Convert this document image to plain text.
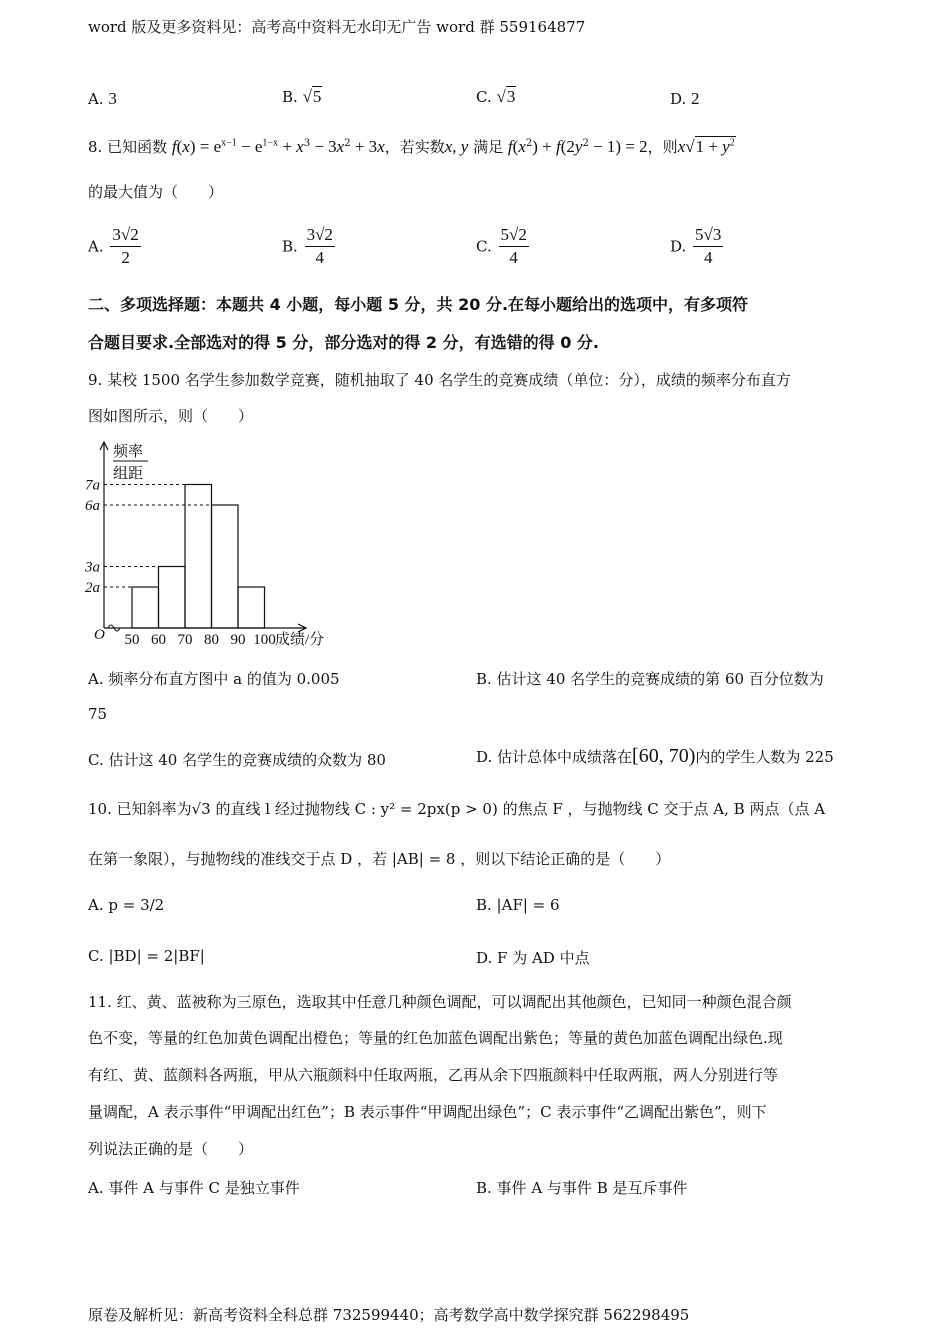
word 版及更多资料见：高考高中资料无水印无广告 word 群 559164877
A. 3	B. √5	C. √3	D. 2
8. 已知函数 $f(x) = e^{x-1} - e^{1-x} + x^3 - 3x^2 + 3x$，若实数x, y 满足 $f(x^2) + f(2y^2 - 1) = 2$，则$x√1 + y^2$
的最大值为（　　）
A. $\frac{3√2}{2}$	B. $\frac{3√2}{4}$	C. $\frac{5√2}{4}$	D. $\frac{5√3}{4}$
二、多项选择题：本题共 4 小题，每小题 5 分，共 20 分.在每小题给出的选项中，有多项符
合题目要求.全部选对的得 5 分，部分选对的得 2 分，有选错的得 0 分.
9. 某校 1500 名学生参加数学竞赛，随机抽取了 40 名学生的竞赛成绩（单位：分），成绩的频率分布直方
图如图所示，则（　　）
频率
组距
O	成绩/分
2a
3a
6a
7a
50 60 70 80 90 100
A. 频率分布直方图中 a 的值为 0.005	B. 估计这 40 名学生的竞赛成绩的第 60 百分位数为
75
C. 估计这 40 名学生的竞赛成绩的众数为 80	D. 估计总体中成绩落在[60, 70)内的学生人数为 225
10. 已知斜率为√3 的直线 l 经过抛物线 C : y² = 2px(p > 0) 的焦点 F ，与抛物线 C 交于点 A, B 两点（点 A
在第一象限），与抛物线的准线交于点 D ，若 |AB| = 8 ，则以下结论正确的是（　　）
A. p = 3/2	B. |AF| = 6
C. |BD| = 2|BF|	D. F 为 AD 中点
11. 红、黄、蓝被称为三原色，选取其中任意几种颜色调配，可以调配出其他颜色，已知同一种颜色混合颜
色不变，等量的红色加黄色调配出橙色；等量的红色加蓝色调配出紫色；等量的黄色加蓝色调配出绿色.现
有红、黄、蓝颜料各两瓶，甲从六瓶颜料中任取两瓶，乙再从余下四瓶颜料中任取两瓶，两人分别进行等
量调配，A 表示事件“甲调配出红色”；B 表示事件“甲调配出绿色”；C 表示事件“乙调配出紫色”，则下
列说法正确的是（　　）
A. 事件 A 与事件 C 是独立事件	B. 事件 A 与事件 B 是互斥事件
原卷及解析见：新高考资料全科总群 732599440；高考数学高中数学探究群 562298495
